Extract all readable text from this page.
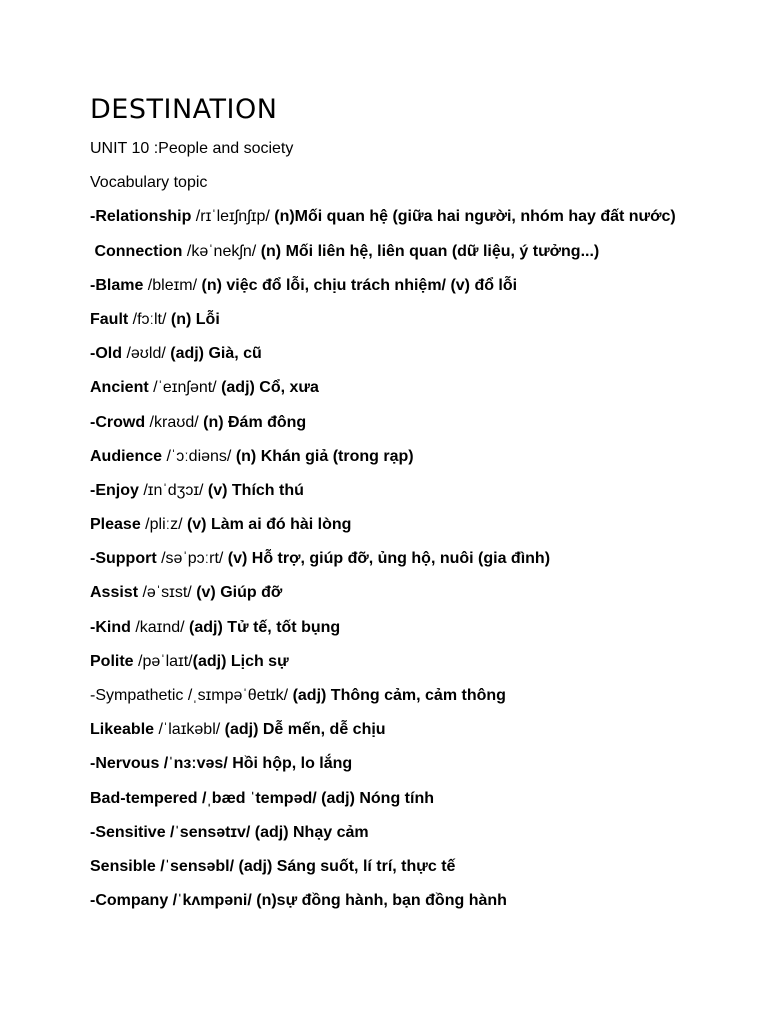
DESTINATION
UNIT 10 :People and society
Vocabulary topic
-Relationship /rɪˈleɪʃnʃɪp/ (n)Mối quan hệ (giữa hai người, nhóm hay đất nước)
Connection /kəˈnekʃn/ (n) Mối liên hệ, liên quan (dữ liệu, ý tưởng...)
-Blame /bleɪm/ (n) việc đổ lỗi, chịu trách nhiệm/ (v) đổ lỗi
Fault /fɔːlt/ (n) Lỗi
-Old /əʊld/ (adj) Già, cũ
Ancient /ˈeɪnʃənt/ (adj) Cổ, xưa
-Crowd /kraʊd/ (n) Đám đông
Audience /ˈɔːdiəns/ (n) Khán giả (trong rạp)
-Enjoy /ɪnˈdʒɔɪ/ (v) Thích thú
Please /pliːz/ (v) Làm ai đó hài lòng
-Support /səˈpɔːrt/ (v) Hỗ trợ, giúp đỡ, ủng hộ, nuôi (gia đình)
Assist /əˈsɪst/ (v) Giúp đỡ
-Kind /kaɪnd/ (adj) Tử tế, tốt bụng
Polite /pəˈlaɪt/(adj) Lịch sự
-Sympathetic /ˌsɪmpəˈθetɪk/ (adj) Thông cảm, cảm thông
Likeable /ˈlaɪkəbl/ (adj) Dễ mến, dễ chịu
-Nervous /ˈnɜːvəs/ Hồi hộp, lo lắng
Bad-tempered /ˌbæd ˈtempəd/ (adj) Nóng tính
-Sensitive /ˈsensətɪv/ (adj) Nhạy cảm
Sensible /ˈsensəbl/ (adj) Sáng suốt, lí trí, thực tế
-Company /ˈkʌmpəni/ (n)sự đồng hành, bạn đồng hành
